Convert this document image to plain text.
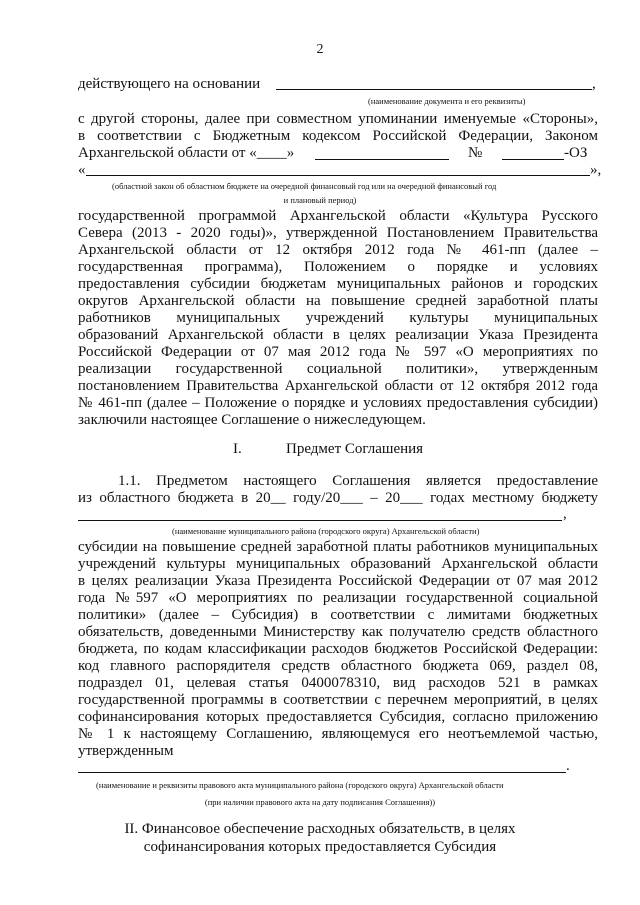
2
действующего на основании	,
(наименование документа и его реквизиты)
с другой стороны, далее при совместном упоминании именуемые «Стороны»,
в соответствии с Бюджетным кодексом Российской Федерации, Законом
Архангельской области от «____»	№	-ОЗ
«	»,
(областной закон об областном бюджете на очередной финансовый год или на очередной финансовый год
и плановый период)
государственной программой Архангельской области «Культура Русского
Севера (2013 - 2020 годы)», утвержденной Постановлением Правительства
Архангельской области от 12 октября 2012 года № 461-пп (далее –
государственная программа), Положением о порядке и условиях
предоставления субсидии бюджетам муниципальных районов и городских
округов Архангельской области на повышение средней заработной платы
работников муниципальных учреждений культуры муниципальных
образований Архангельской области в целях реализации Указа Президента
Российской Федерации от 07 мая 2012 года № 597 «О мероприятиях по
реализации государственной социальной политики», утвержденным
постановлением Правительства Архангельской области от 12 октября 2012 года
№ 461-пп (далее – Положение о порядке и условиях предоставления субсидии)
заключили настоящее Соглашение о нижеследующем.
I.	Предмет Соглашения
1.1. Предметом настоящего Соглашения является предоставление
из областного бюджета в 20__ году/20___ – 20___ годах местному бюджету
,
(наименование муниципального района (городского округа) Архангельской области)
субсидии на повышение средней заработной платы работников муниципальных
учреждений культуры муниципальных образований Архангельской области
в целях реализации Указа Президента Российской Федерации от 07 мая 2012
года №597 «О мероприятиях по реализации государственной социальной
политики» (далее – Субсидия) в соответствии с лимитами бюджетных
обязательств, доведенными Министерству как получателю средств областного
бюджета, по кодам классификации расходов бюджетов Российской Федерации:
код главного распорядителя средств областного бюджета 069, раздел 08,
подраздел 01, целевая статья 0400078310, вид расходов 521 в рамках
государственной программы в соответствии с перечнем мероприятий, в целях
софинансирования которых предоставляется Субсидия, согласно приложению
№ 1 к настоящему Соглашению, являющемуся его неотъемлемой частью,
утвержденным
.
(наименование и реквизиты правового акта муниципального района (городского округа) Архангельской области
(при наличии правового акта на дату подписания Соглашения))
II. Финансовое обеспечение расходных обязательств, в целях
софинансирования которых предоставляется Субсидия
